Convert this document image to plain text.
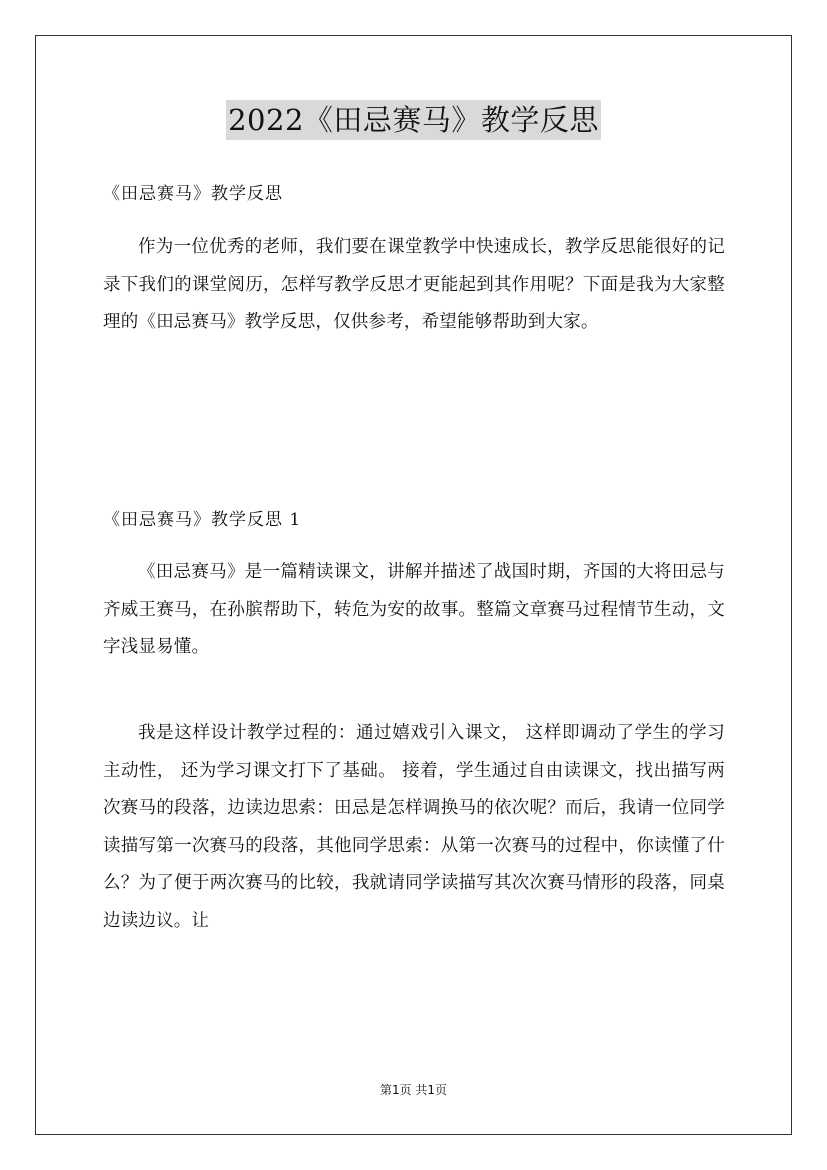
2022《田忌赛马》教学反思
《田忌赛马》教学反思
作为一位优秀的老师，我们要在课堂教学中快速成长，教学反思能很好的记录下我们的课堂阅历，怎样写教学反思才更能起到其作用呢？下面是我为大家整理的《田忌赛马》教学反思，仅供参考，希望能够帮助到大家。
《田忌赛马》教学反思 1
《田忌赛马》是一篇精读课文，讲解并描述了战国时期，齐国的大将田忌与齐威王赛马，在孙膑帮助下，转危为安的故事。整篇文章赛马过程情节生动，文字浅显易懂。
我是这样设计教学过程的：通过嬉戏引入课文， 这样即调动了学生的学习主动性， 还为学习课文打下了基础。 接着，学生通过自由读课文，找出描写两次赛马的段落，边读边思索：田忌是怎样调换马的依次呢？而后，我请一位同学读描写第一次赛马的段落，其他同学思索：从第一次赛马的过程中，你读懂了什么？为了便于两次赛马的比较，我就请同学读描写其次次赛马情形的段落，同桌边读边议。让
第1页 共1页
